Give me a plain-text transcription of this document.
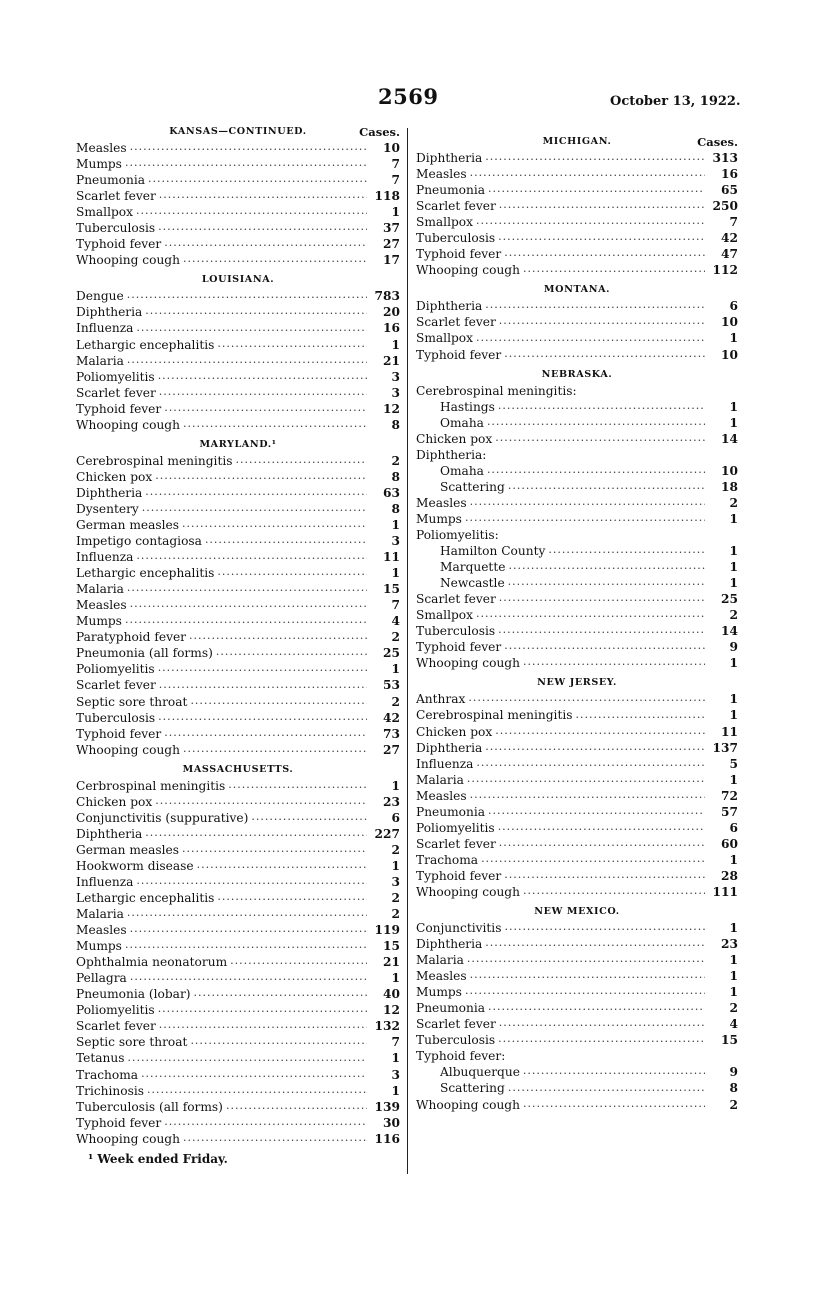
2569	October 13, 1922.
KANSAS—CONTINUED.	Cases.
Measles .....	10
Mumps .....	7
Pneumonia .....	7
Scarlet fever .....	118
Smallpox .....	1
Tuberculosis .....	37
Typhoid fever .....	27
Whooping cough .....	17
LOUISIANA.
Dengue .....	783
Diphtheria .....	20
Influenza .....	16
Lethargic encephalitis .....	1
Malaria .....	21
Poliomyelitis .....	3
Scarlet fever .....	3
Typhoid fever .....	12
Whooping cough .....	8
MARYLAND.¹
Cerebrospinal meningitis .....	2
Chicken pox .....	8
Diphtheria .....	63
Dysentery .....	8
German measles .....	1
Impetigo contagiosa .....	3
Influenza .....	11
Lethargic encephalitis .....	1
Malaria .....	15
Measles .....	7
Mumps .....	4
Paratyphoid fever .....	2
Pneumonia (all forms) .....	25
Poliomyelitis .....	1
Scarlet fever .....	53
Septic sore throat .....	2
Tuberculosis .....	42
Typhoid fever .....	73
Whooping cough .....	27
MASSACHUSETTS.
Cerbrospinal meningitis .....	1
Chicken pox .....	23
Conjunctivitis (suppurative) .....	6
Diphtheria .....	227
German measles .....	2
Hookworm disease .....	1
Influenza .....	3
Lethargic encephalitis .....	2
Malaria .....	2
Measles .....	119
Mumps .....	15
Ophthalmia neonatorum .....	21
Pellagra .....	1
Pneumonia (lobar) .....	40
Poliomyelitis .....	12
Scarlet fever .....	132
Septic sore throat .....	7
Tetanus .....	1
Trachoma .....	3
Trichinosis .....	1
Tuberculosis (all forms) .....	139
Typhoid fever .....	30
Whooping cough .....	116
¹ Week ended Friday.
MICHIGAN.	Cases.
Diphtheria .....	313
Measles .....	16
Pneumonia .....	65
Scarlet fever .....	250
Smallpox .....	7
Tuberculosis .....	42
Typhoid fever .....	47
Whooping cough .....	112
MONTANA.
Diphtheria .....	6
Scarlet fever .....	10
Smallpox .....	1
Typhoid fever .....	10
NEBRASKA.
Cerebrospinal meningitis:
Hastings .....	1
Omaha .....	1
Chicken pox .....	14
Diphtheria:
Omaha .....	10
Scattering .....	18
Measles .....	2
Mumps .....	1
Poliomyelitis:
Hamilton County .....	1
Marquette .....	1
Newcastle .....	1
Scarlet fever .....	25
Smallpox .....	2
Tuberculosis .....	14
Typhoid fever .....	9
Whooping cough .....	1
NEW JERSEY.
Anthrax .....	1
Cerebrospinal meningitis .....	1
Chicken pox .....	11
Diphtheria .....	137
Influenza .....	5
Malaria .....	1
Measles .....	72
Pneumonia .....	57
Poliomyelitis .....	6
Scarlet fever .....	60
Trachoma .....	1
Typhoid fever .....	28
Whooping cough .....	111
NEW MEXICO.
Conjunctivitis .....	1
Diphtheria .....	23
Malaria .....	1
Measles .....	1
Mumps .....	1
Pneumonia .....	2
Scarlet fever .....	4
Tuberculosis .....	15
Typhoid fever:
Albuquerque .....	9
Scattering .....	8
Whooping cough .....	2
